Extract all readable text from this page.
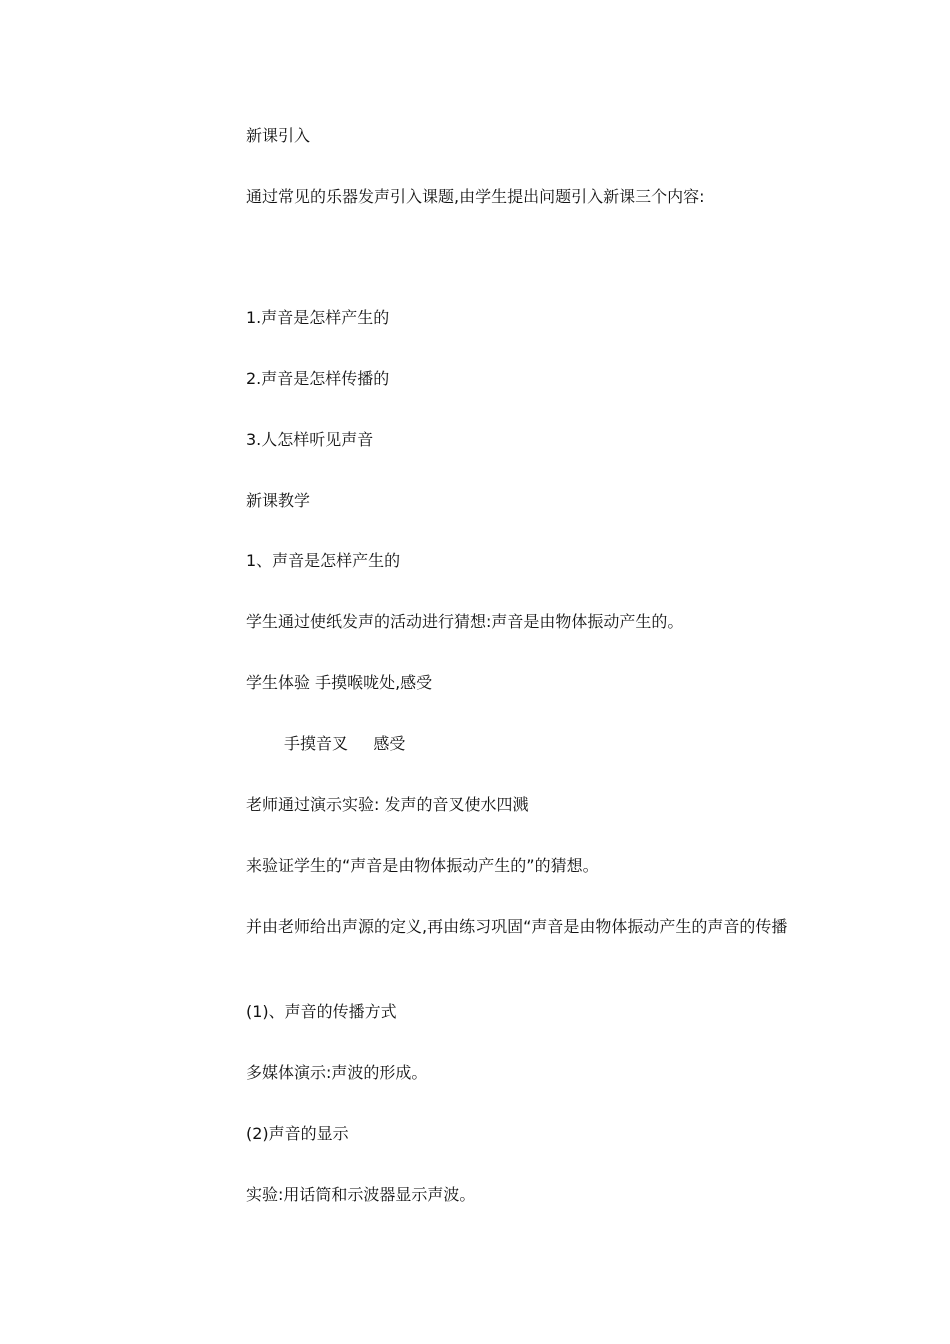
新课引入

通过常见的乐器发声引入课题,由学生提出问题引入新课三个内容:

1.声音是怎样产生的

2.声音是怎样传播的

3.人怎样听见声音

新课教学

1、声音是怎样产生的

学生通过使纸发声的活动进行猜想:声音是由物体振动产生的。

学生体验 手摸喉咙处,感受

手摸音叉     感受

老师通过演示实验: 发声的音叉使水四溅

来验证学生的“声音是由物体振动产生的”的猜想。

并由老师给出声源的定义,再由练习巩固“声音是由物体振动产生的声音的传播

(1)、声音的传播方式

多媒体演示:声波的形成。

(2)声音的显示

实验:用话筒和示波器显示声波。
